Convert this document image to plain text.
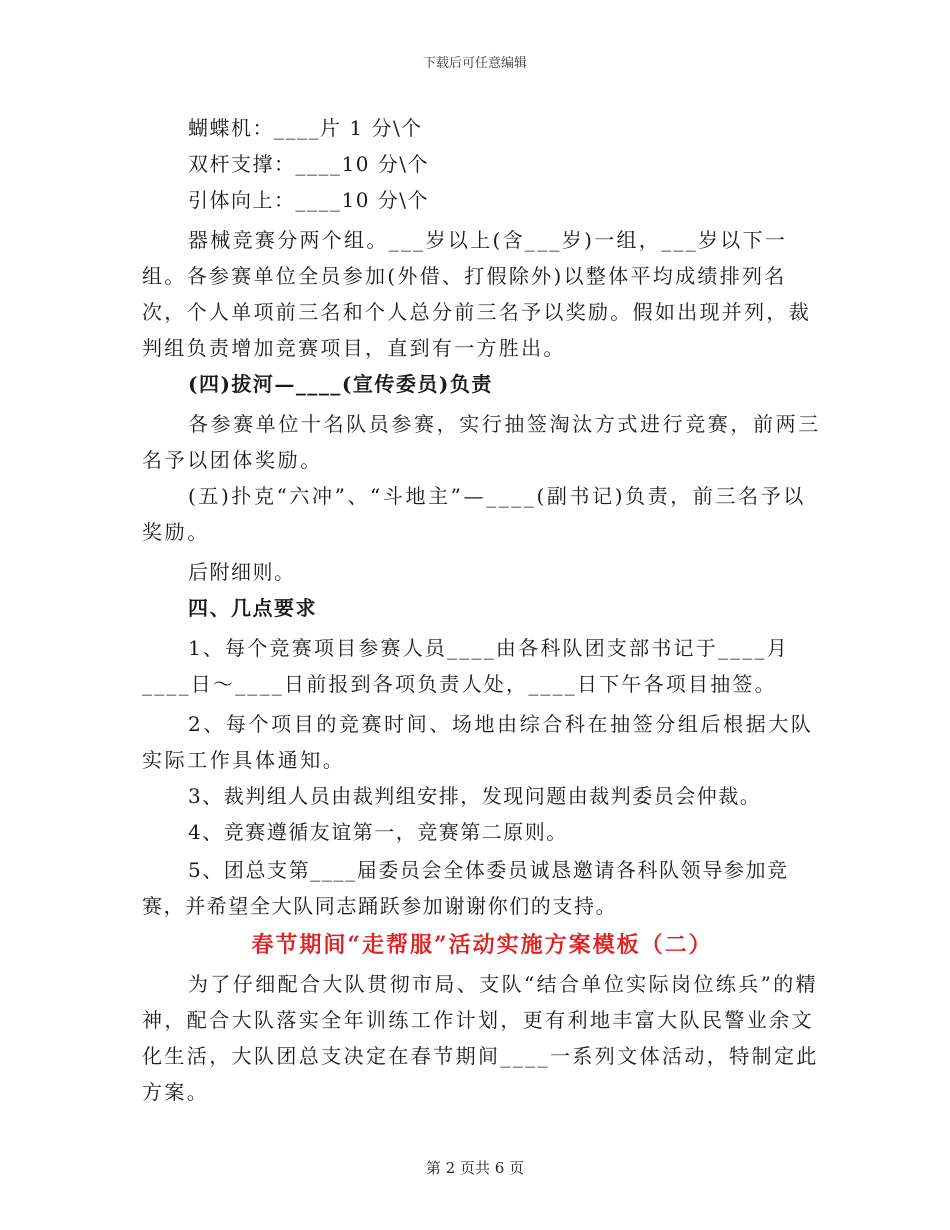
下载后可任意编辑

蝴蝶机：____片 1 分\个

双杆支撑：____10 分\个

引体向上：____10 分\个

器械竞赛分两个组。___岁以上(含___岁)一组，___岁以下一组。各参赛单位全员参加(外借、打假除外)以整体平均成绩排列名次，个人单项前三名和个人总分前三名予以奖励。假如出现并列，裁判组负责增加竞赛项目，直到有一方胜出。

(四)拔河—____(宣传委员)负责

各参赛单位十名队员参赛，实行抽签淘汰方式进行竞赛，前两三名予以团体奖励。

(五)扑克“六冲”、“斗地主”—____(副书记)负责，前三名予以奖励。

后附细则。

四、几点要求

1、每个竞赛项目参赛人员____由各科队团支部书记于____月____日～____日前报到各项负责人处，____日下午各项目抽签。

2、每个项目的竞赛时间、场地由综合科在抽签分组后根据大队实际工作具体通知。

3、裁判组人员由裁判组安排，发现问题由裁判委员会仲裁。

4、竞赛遵循友谊第一，竞赛第二原则。

5、团总支第____届委员会全体委员诚恳邀请各科队领导参加竞赛，并希望全大队同志踊跃参加谢谢你们的支持。

春节期间“走帮服”活动实施方案模板（二）

为了仔细配合大队贯彻市局、支队“结合单位实际岗位练兵”的精神，配合大队落实全年训练工作计划，更有利地丰富大队民警业余文化生活，大队团总支决定在春节期间____一系列文体活动，特制定此方案。

第 2 页共 6 页
